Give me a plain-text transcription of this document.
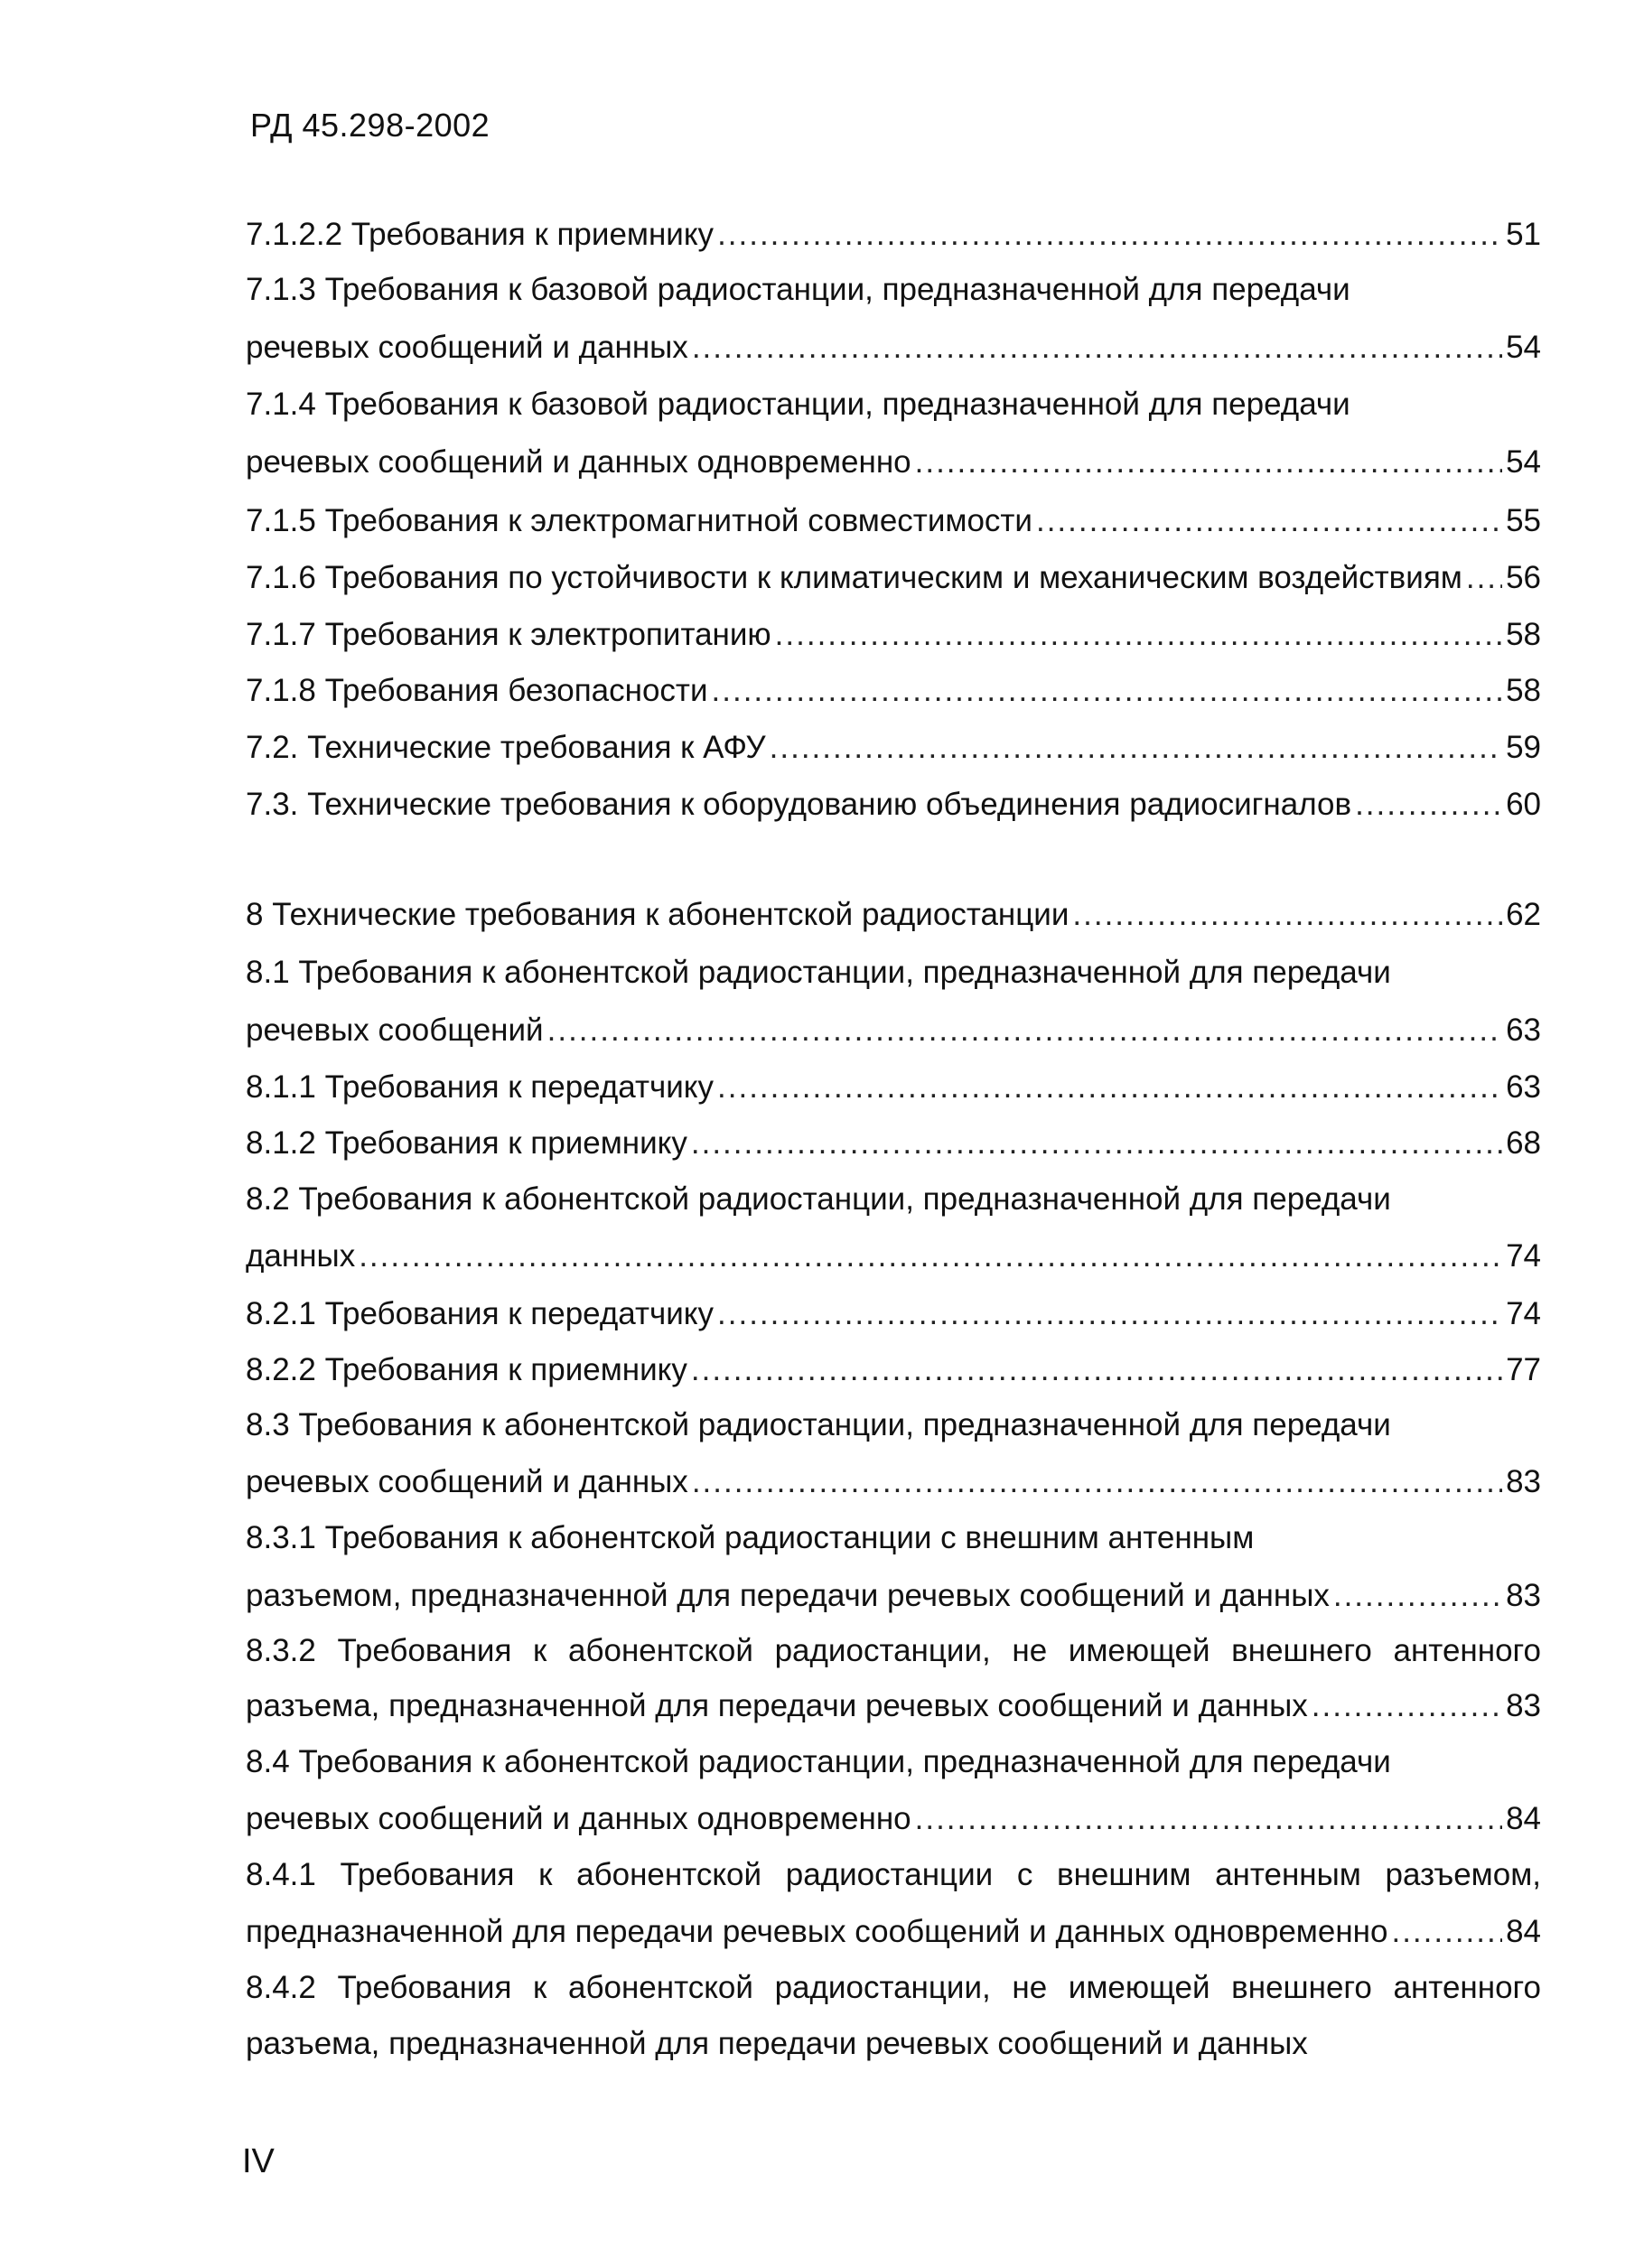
РД 45.298-2002
7.1.2.2 Требования к приемнику .....	51
7.1.3 Требования к базовой радиостанции, предназначенной для передачи
речевых сообщений и данных .....	54
7.1.4 Требования к базовой радиостанции, предназначенной для передачи
речевых сообщений и данных одновременно .....	54
7.1.5 Требования к электромагнитной совместимости .....	55
7.1.6 Требования по устойчивости к климатическим и механическим воздействиям ..... 56
7.1.7 Требования к электропитанию .....	58
7.1.8 Требования безопасности .....	58
7.2. Технические требования к АФУ .....	59
7.3. Технические требования к оборудованию объединения радиосигналов .....	60
8 Технические требования к абонентской радиостанции .....	62
8.1 Требования к абонентской радиостанции, предназначенной для передачи
речевых сообщений .....	63
8.1.1 Требования к передатчику .....	63
8.1.2 Требования к приемнику .....	68
8.2 Требования к абонентской радиостанции, предназначенной для передачи
данных .....	74
8.2.1 Требования к передатчику .....	74
8.2.2 Требования к приемнику .....	77
8.3 Требования к абонентской радиостанции, предназначенной для передачи
речевых сообщений и данных .....	83
8.3.1 Требования к абонентской радиостанции с внешним антенным
разъемом, предназначенной для передачи речевых сообщений и данных .....	83
8.3.2 Требования к абонентской радиостанции, не имеющей внешнего антенного
разъема, предназначенной для передачи речевых сообщений и данных .....	83
8.4 Требования к абонентской радиостанции, предназначенной для передачи
речевых сообщений и данных одновременно .....	84
8.4.1 Требования к абонентской радиостанции с внешним антенным разъемом,
предназначенной для передачи речевых сообщений и данных одновременно .....	84
8.4.2 Требования к абонентской радиостанции, не имеющей внешнего антенного
разъема, предназначенной для передачи речевых сообщений и данных
IV
